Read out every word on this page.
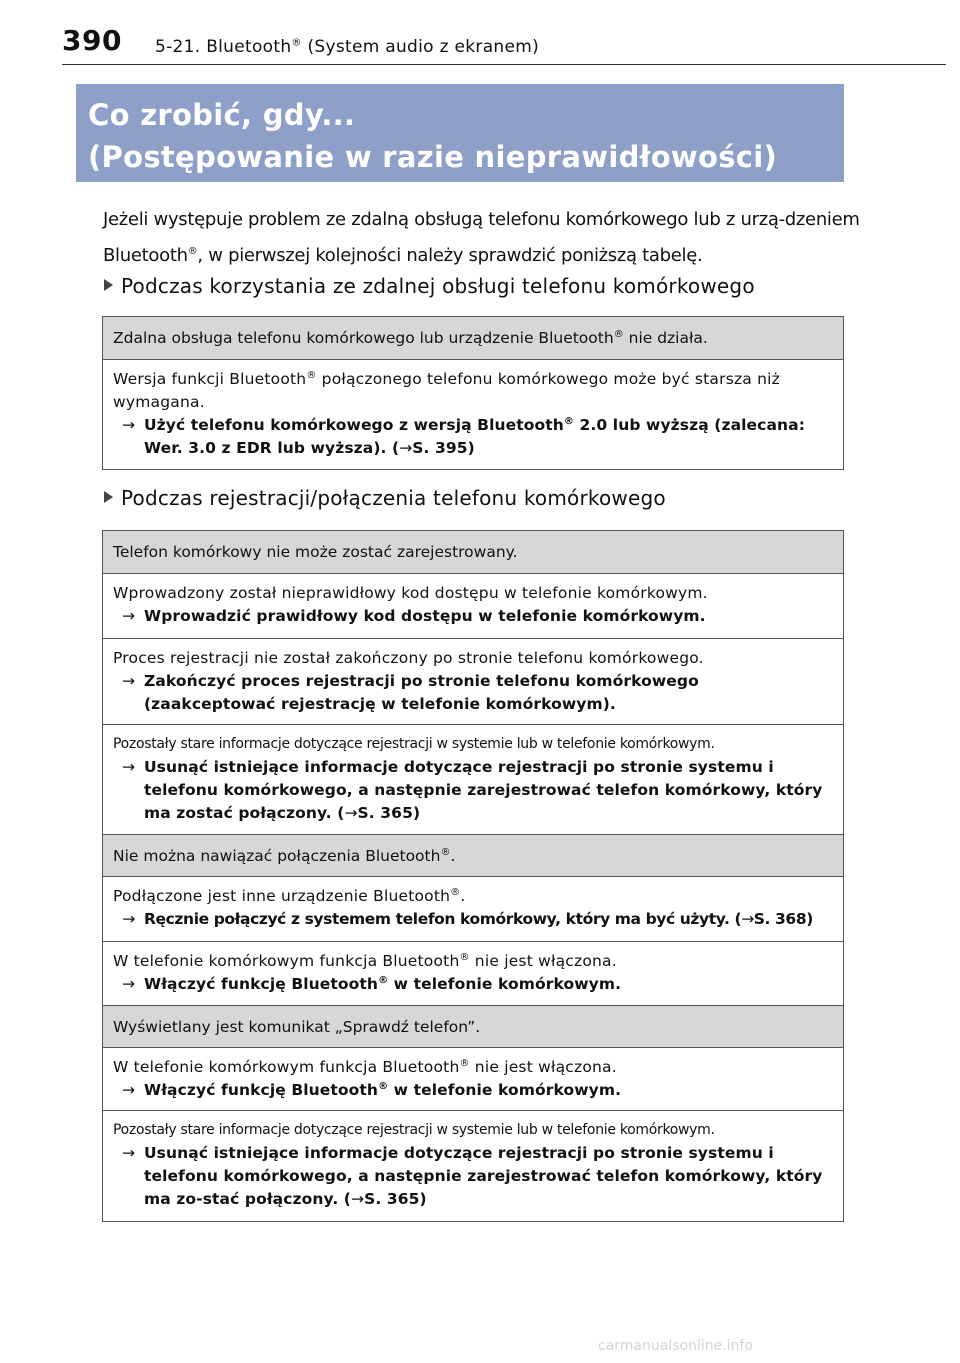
390 5-21. Bluetooth® (System audio z ekranem)
Co zrobić, gdy...
(Postępowanie w razie nieprawidłowości)
Jeżeli występuje problem ze zdalną obsługą telefonu komórkowego lub z urzą-dzeniem Bluetooth®, w pierwszej kolejności należy sprawdzić poniższą tabelę.
Podczas korzystania ze zdalnej obsługi telefonu komórkowego
Zdalna obsługa telefonu komórkowego lub urządzenie Bluetooth® nie działa.
Wersja funkcji Bluetooth® połączonego telefonu komórkowego może być starsza niż wymagana.
→ Użyć telefonu komórkowego z wersją Bluetooth® 2.0 lub wyższą (zalecana: Wer. 3.0 z EDR lub wyższa). (→S. 395)
Podczas rejestracji/połączenia telefonu komórkowego
Telefon komórkowy nie może zostać zarejestrowany.
Wprowadzony został nieprawidłowy kod dostępu w telefonie komórkowym.
→ Wprowadzić prawidłowy kod dostępu w telefonie komórkowym.
Proces rejestracji nie został zakończony po stronie telefonu komórkowego.
→ Zakończyć proces rejestracji po stronie telefonu komórkowego (zaakceptować rejestrację w telefonie komórkowym).
Pozostały stare informacje dotyczące rejestracji w systemie lub w telefonie komórkowym.
→ Usunąć istniejące informacje dotyczące rejestracji po stronie systemu i telefonu komórkowego, a następnie zarejestrować telefon komórkowy, który ma zostać połączony. (→S. 365)
Nie można nawiązać połączenia Bluetooth®.
Podłączone jest inne urządzenie Bluetooth®.
→ Ręcznie połączyć z systemem telefon komórkowy, który ma być użyty. (→S. 368)
W telefonie komórkowym funkcja Bluetooth® nie jest włączona.
→ Włączyć funkcję Bluetooth® w telefonie komórkowym.
Wyświetlany jest komunikat „Sprawdź telefon”.
W telefonie komórkowym funkcja Bluetooth® nie jest włączona.
→ Włączyć funkcję Bluetooth® w telefonie komórkowym.
Pozostały stare informacje dotyczące rejestracji w systemie lub w telefonie komórkowym.
→ Usunąć istniejące informacje dotyczące rejestracji po stronie systemu i telefonu komórkowego, a następnie zarejestrować telefon komórkowy, który ma zo-stać połączony. (→S. 365)
carmanualsonline.info
